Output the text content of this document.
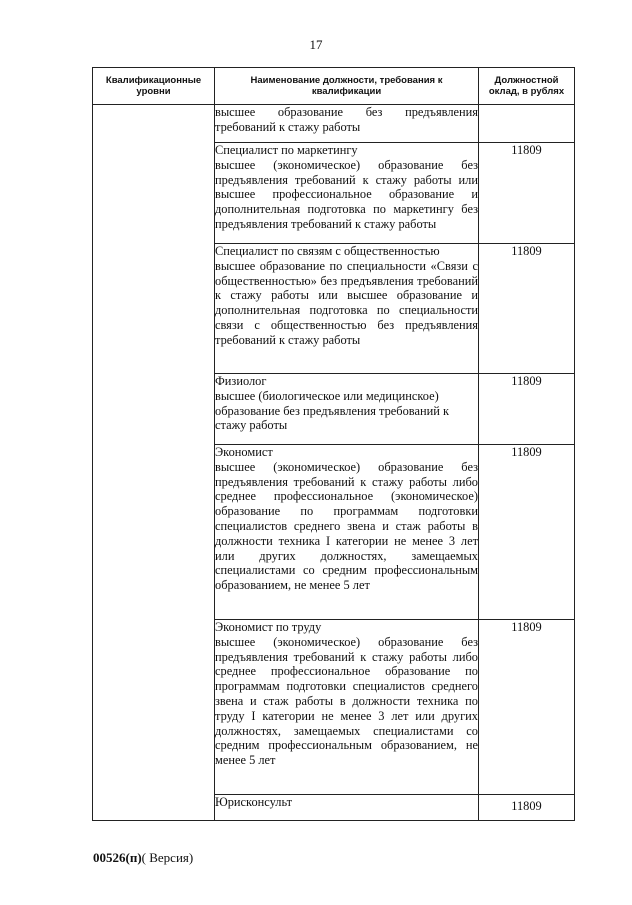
17
Квалификационные уровни	Наименование должности, требования к квалификации	Должностной оклад, в рублях

	высшее образование без предъявления требований к стажу работы	

	Специалист по маркетингу
высшее (экономическое) образование без предъявления требований к стажу работы или высшее профессиональное образование и дополнительная подготовка по маркетингу без предъявления требований к стажу работы	11809

	Специалист по связям с общественностью
высшее образование по специальности «Связи с общественностью» без предъявления требований к стажу работы или высшее образование и дополнительная подготовка по специальности связи с общественностью без предъявления требований к стажу работы	11809

	Физиолог
высшее (биологическое или медицинское) образование без предъявления требований к стажу работы	11809

	Экономист
высшее (экономическое) образование без предъявления требований к стажу работы либо среднее профессиональное (экономическое) образование по программам подготовки специалистов среднего звена и стаж работы в должности техника I категории не менее 3 лет или других должностях, замещаемых специалистами со средним профессиональным образованием, не менее 5 лет	11809

	Экономист по труду
высшее (экономическое) образование без предъявления требований к стажу работы либо среднее профессиональное образование по программам подготовки специалистов среднего звена и стаж работы в должности техника по труду I категории не менее 3 лет или других должностях, замещаемых специалистами со средним профессиональным образованием, не менее 5 лет	11809

	Юрисконсульт	11809
00526(п)( Версия)
